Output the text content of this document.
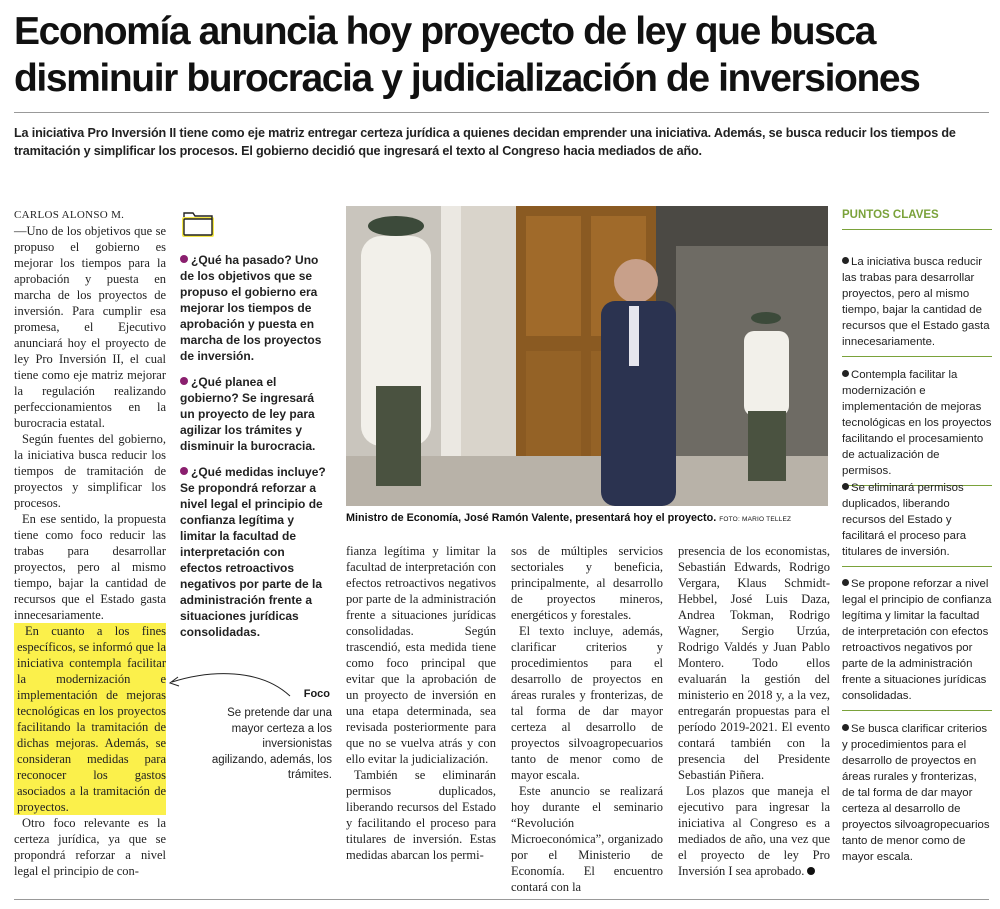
Economía anuncia hoy proyecto de ley que busca
disminuir burocracia y judicialización de inversiones
La iniciativa Pro Inversión II tiene como eje matriz entregar certeza jurídica a quienes decidan emprender una iniciativa. Además, se busca reducir los tiempos de
tramitación y simplificar los procesos. El gobierno decidió que ingresará el texto al Congreso hacia mediados de año.

CARLOS ALONSO M.

—Uno de los objetivos que se propuso el gobierno es mejorar los tiempos para la aprobación y puesta en marcha de los proyectos de inversión. Para cumplir esa promesa, el Ejecutivo anunciará hoy el proyecto de ley Pro Inversión II, el cual tiene como eje matriz mejorar la regulación realizando perfeccionamientos en la burocracia estatal.

Según fuentes del gobierno, la iniciativa busca reducir los tiempos de tramitación de proyectos y simplificar los procesos.

En ese sentido, la propuesta tiene como foco reducir las trabas para desarrollar proyectos, pero al mismo tiempo, bajar la cantidad de recursos que el Estado gasta innecesariamente.

En cuanto a los fines específicos, se informó que la iniciativa contempla facilitar la modernización e implementación de mejoras tecnológicas en los proyectos facilitando la tramitación de dichas mejoras. Además, se consideran medidas para reconocer los gastos asociados a la tramitación de proyectos.

Otro foco relevante es la certeza jurídica, ya que se propondrá reforzar a nivel legal el principio de con-

¿Qué ha pasado? Uno de los objetivos que se propuso el gobierno era mejorar los tiempos de aprobación y puesta en marcha de los proyectos de inversión.
¿Qué planea el gobierno? Se ingresará un proyecto de ley para agilizar los trámites y disminuir la burocracia.
¿Qué medidas incluye? Se propondrá reforzar a nivel legal el principio de confianza legítima y limitar la facultad de interpretación con efectos retroactivos negativos por parte de la administración frente a situaciones jurídicas consolidadas.
Foco
Se pretende dar una mayor certeza a los inversionistas agilizando, además, los trámites.
Ministro de Economía, José Ramón Valente, presentará hoy el proyecto. FOTO: MARIO TELLEZ

fianza legítima y limitar la facultad de interpretación con efectos retroactivos negativos por parte de la administración frente a situaciones jurídicas consolidadas. Según trascendió, esta medida tiene como foco principal que evitar que la aprobación de un proyecto de inversión en una etapa determinada, sea revisada posteriormente para que no se vuelva atrás y con ello evitar la judicialización.

También se eliminarán permisos duplicados, liberando recursos del Estado y facilitando el proceso para titulares de inversión. Estas medidas abarcan los permi-

sos de múltiples servicios sectoriales y beneficia, principalmente, al desarrollo de proyectos mineros, energéticos y forestales.

El texto incluye, además, clarificar criterios y procedimientos para el desarrollo de proyectos en áreas rurales y fronterizas, de tal forma de dar mayor certeza al desarrollo de proyectos silvoagropecuarios tanto de menor como de mayor escala.

Este anuncio se realizará hoy durante el seminario “Revolución Microeconómica”, organizado por el Ministerio de Economía. El encuentro contará con la

presencia de los economistas, Sebastián Edwards, Rodrigo Vergara, Klaus Schmidt-Hebbel, José Luis Daza, Andrea Tokman, Rodrigo Wagner, Sergio Urzúa, Rodrigo Valdés y Juan Pablo Montero. Todo ellos evaluarán la gestión del ministerio en 2018 y, a la vez, entregarán propuestas para el período 2019-2021. El evento contará también con la presencia del Presidente Sebastián Piñera.

Los plazos que maneja el ejecutivo para ingresar la iniciativa al Congreso es a mediados de año, una vez que el proyecto de ley Pro Inversión I sea aprobado.

PUNTOS CLAVES
La iniciativa busca reducir las trabas para desarrollar proyectos, pero al mismo tiempo, bajar la cantidad de recursos que el Estado gasta innecesariamente.
Contempla facilitar la modernización e implementación de mejoras tecnológicas en los proyectos facilitando el procesamiento de actualización de permisos.
Se eliminará permisos duplicados, liberando recursos del Estado y facilitará el proceso para titulares de inversión.
Se propone reforzar a nivel legal el principio de confianza legítima y limitar la facultad de interpretación con efectos retroactivos negativos por parte de la administración frente a situaciones jurídicas consolidadas.
Se busca clarificar criterios y procedimientos para el desarrollo de proyectos en áreas rurales y fronterizas, de tal forma de dar mayor certeza al desarrollo de proyectos silvoagropecuarios tanto de menor como de mayor escala.
